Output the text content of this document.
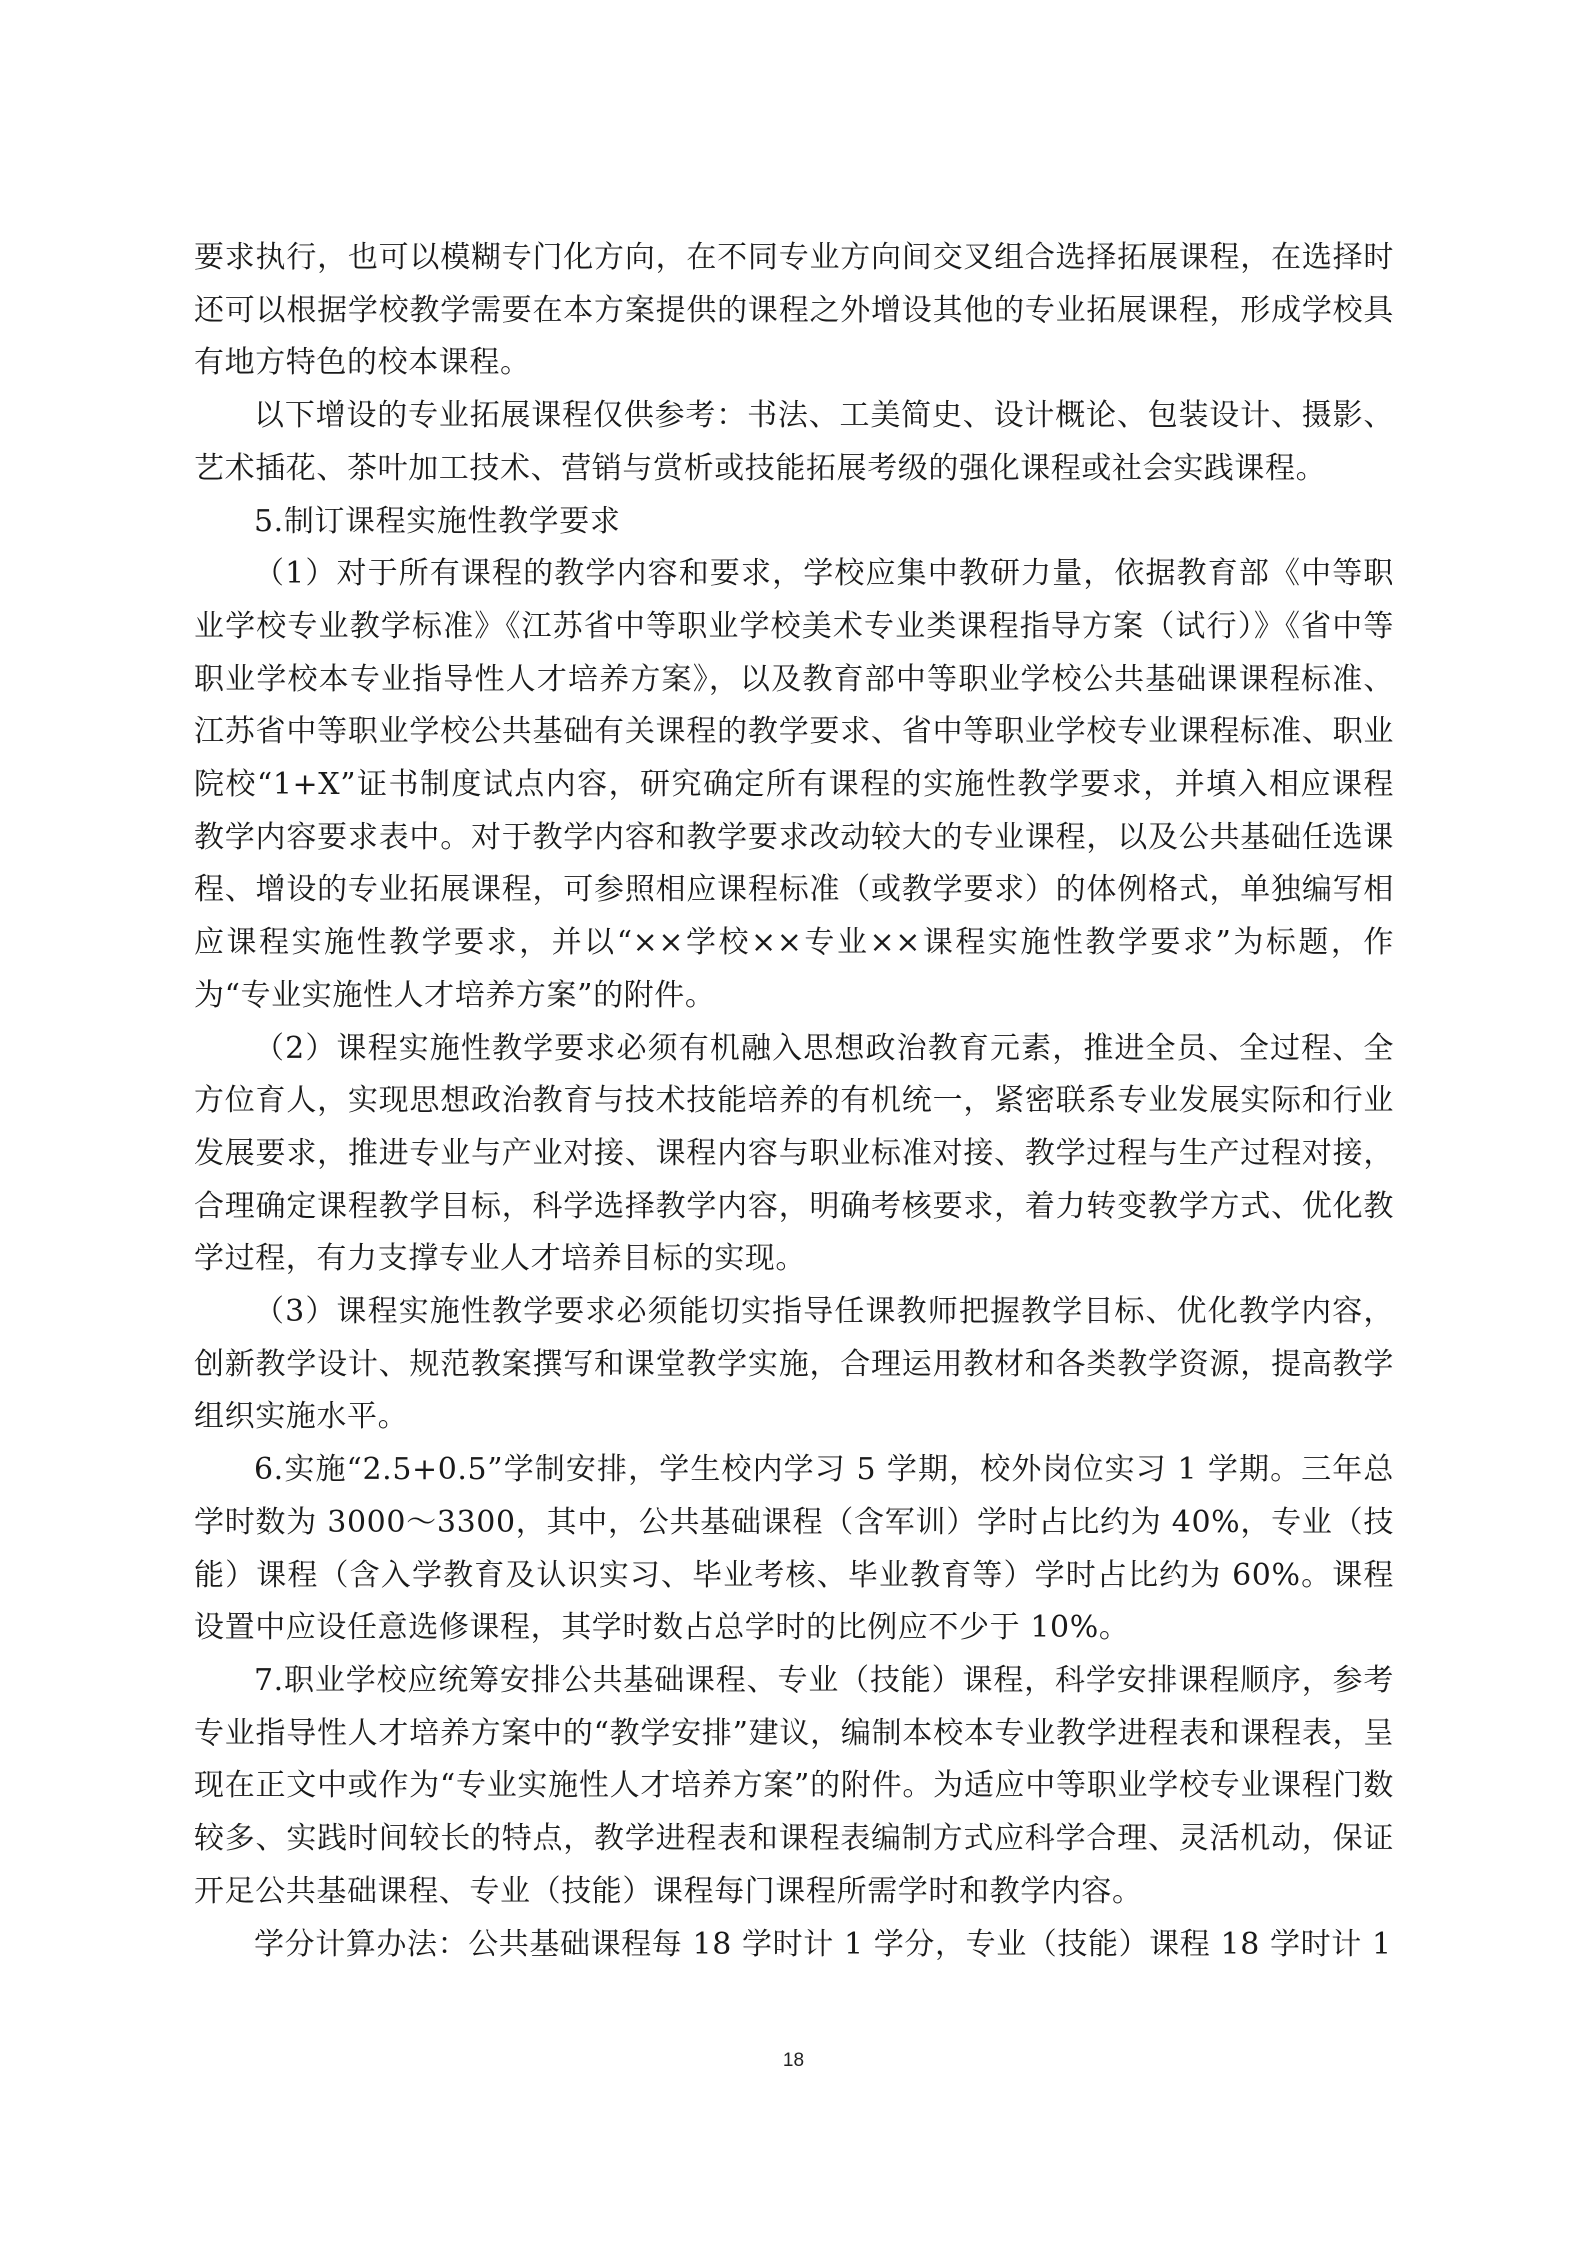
要求执行，也可以模糊专门化方向，在不同专业方向间交叉组合选择拓展课程，在选择时还可以根据学校教学需要在本方案提供的课程之外增设其他的专业拓展课程，形成学校具有地方特色的校本课程。

以下增设的专业拓展课程仅供参考：书法、工美简史、设计概论、包装设计、摄影、艺术插花、茶叶加工技术、营销与赏析或技能拓展考级的强化课程或社会实践课程。

5.制订课程实施性教学要求

（1）对于所有课程的教学内容和要求，学校应集中教研力量，依据教育部《中等职业学校专业教学标准》《江苏省中等职业学校美术专业类课程指导方案（试行）》《省中等职业学校本专业指导性人才培养方案》，以及教育部中等职业学校公共基础课课程标准、江苏省中等职业学校公共基础有关课程的教学要求、省中等职业学校专业课程标准、职业院校“1+X”证书制度试点内容，研究确定所有课程的实施性教学要求，并填入相应课程教学内容要求表中。对于教学内容和教学要求改动较大的专业课程，以及公共基础任选课程、增设的专业拓展课程，可参照相应课程标准（或教学要求）的体例格式，单独编写相应课程实施性教学要求，并以“××学校××专业××课程实施性教学要求”为标题，作为“专业实施性人才培养方案”的附件。

（2）课程实施性教学要求必须有机融入思想政治教育元素，推进全员、全过程、全方位育人，实现思想政治教育与技术技能培养的有机统一，紧密联系专业发展实际和行业发展要求，推进专业与产业对接、课程内容与职业标准对接、教学过程与生产过程对接，合理确定课程教学目标，科学选择教学内容，明确考核要求，着力转变教学方式、优化教学过程，有力支撑专业人才培养目标的实现。

（3）课程实施性教学要求必须能切实指导任课教师把握教学目标、优化教学内容，创新教学设计、规范教案撰写和课堂教学实施，合理运用教材和各类教学资源，提高教学组织实施水平。

6.实施“2.5+0.5”学制安排，学生校内学习 5 学期，校外岗位实习 1 学期。三年总学时数为 3000～3300，其中，公共基础课程（含军训）学时占比约为 40%，专业（技能）课程（含入学教育及认识实习、毕业考核、毕业教育等）学时占比约为 60%。课程设置中应设任意选修课程，其学时数占总学时的比例应不少于 10%。

7.职业学校应统筹安排公共基础课程、专业（技能）课程，科学安排课程顺序，参考专业指导性人才培养方案中的“教学安排”建议，编制本校本专业教学进程表和课程表，呈现在正文中或作为“专业实施性人才培养方案”的附件。为适应中等职业学校专业课程门数较多、实践时间较长的特点，教学进程表和课程表编制方式应科学合理、灵活机动，保证开足公共基础课程、专业（技能）课程每门课程所需学时和教学内容。

学分计算办法：公共基础课程每 18 学时计 1 学分，专业（技能）课程 18 学时计 1

18
